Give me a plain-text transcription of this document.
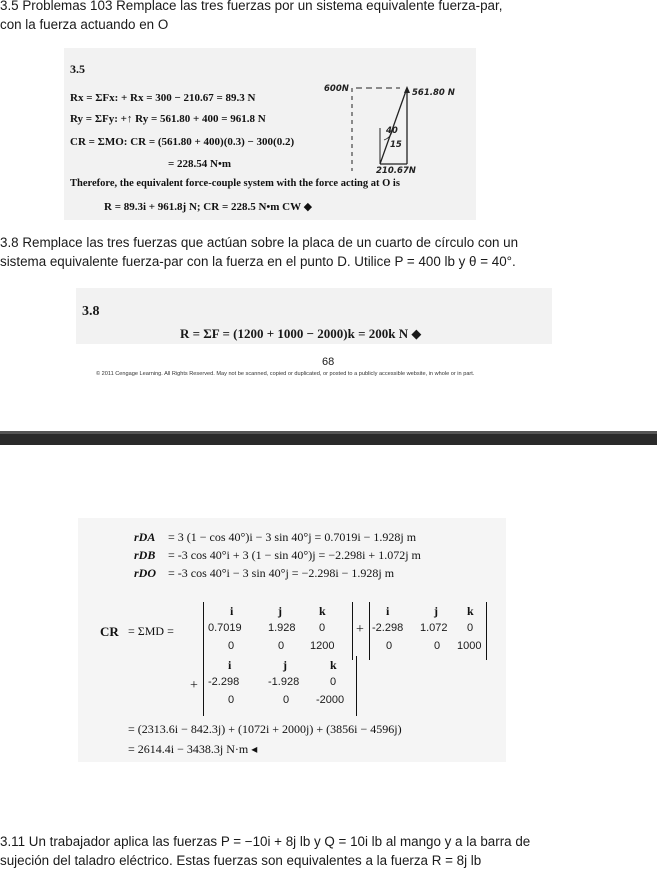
3.5 Problemas 103 Remplace las tres fuerzas por un sistema equivalente fuerza-par,
con la fuerza actuando en O

3.5
Rx = ΣFx: + Rx = 300 − 210.67 = 89.3 N
Ry = ΣFy: +↑ Ry = 561.80 + 400 = 961.8 N
CR = ΣMO: CR = (561.80 + 400)(0.3) − 300(0.2)
= 228.54 N•m
Therefore, the equivalent force-couple system with the force acting at O is
R = 89.3i + 961.8j N; CR = 228.5 N•m CW ◆
600N	561.80 N
40
15
210.67N

3.8 Remplace las tres fuerzas que actúan sobre la placa de un cuarto de círculo con un
sistema equivalente fuerza-par con la fuerza en el punto D. Utilice P = 400 lb y θ = 40°.

3.8
R = ΣF = (1200 + 1000 − 2000)k = 200k N ◆
68
© 2011 Cengage Learning. All Rights Reserved. May not be scanned, copied or duplicated, or posted to a publicly accessible website, in whole or in part.
rDA = 3 (1 − cos 40°)i − 3 sin 40°j = 0.7019i − 1.928j m
rDB = -3 cos 40°i + 3 (1 − sin 40°)j = −2.298i + 1.072j m
rDO = -3 cos 40°i − 3 sin 40°j = −2.298i − 1.928j m
CR = ΣMD =
i	j	k
0.7019 1.928 0
0	0 1200
+
i	j k
-2.298 1.072 0
0	0 1000
+
i	j	k
-2.298	-1.928	0
0	0 -2000
= (2313.6i − 842.3j) + (1072i + 2000j) + (3856i − 4596j)
= 2614.4i − 3438.3j N·m ◂

3.11 Un trabajador aplica las fuerzas P = −10i + 8j lb y Q = 10i lb al mango y a la barra de
sujeción del taladro eléctrico. Estas fuerzas son equivalentes a la fuerza R = 8j lb
